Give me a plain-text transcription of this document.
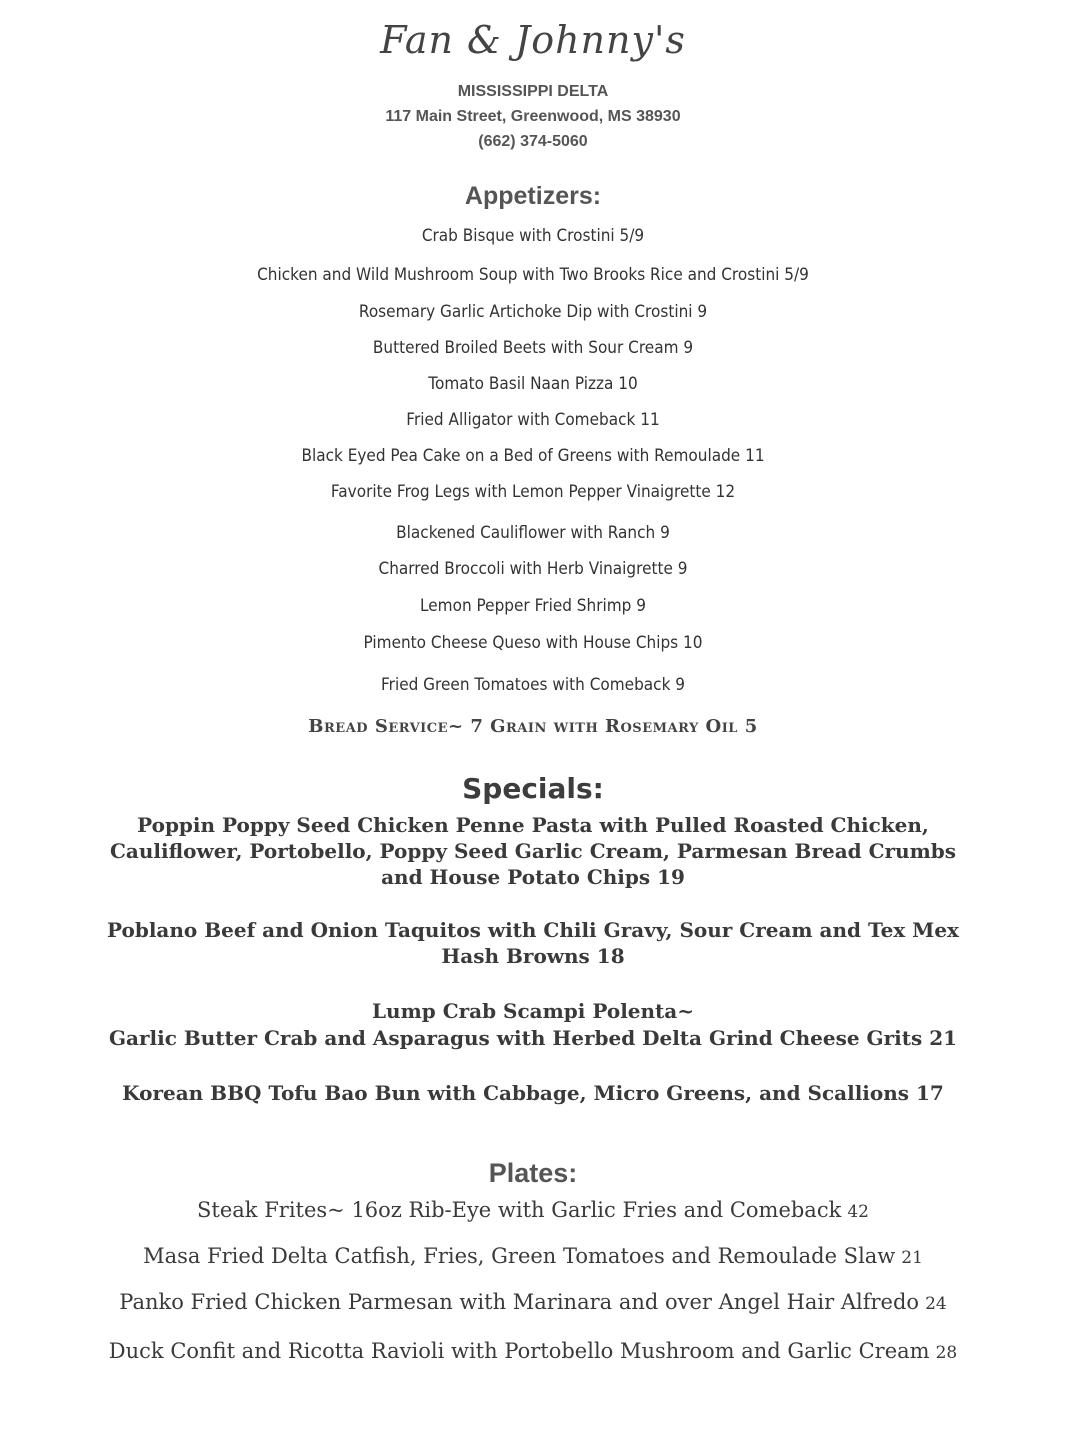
Fan & Johnny's
MISSISSIPPI DELTA
117 Main Street, Greenwood, MS 38930
(662) 374-5060
Appetizers:
Crab Bisque with Crostini 5/9
Chicken and Wild Mushroom Soup with Two Brooks Rice and Crostini 5/9
Rosemary Garlic Artichoke Dip with Crostini 9
Buttered Broiled Beets with Sour Cream 9
Tomato Basil Naan Pizza 10
Fried Alligator with Comeback 11
Black Eyed Pea Cake on a Bed of Greens with Remoulade 11
Favorite Frog Legs with Lemon Pepper Vinaigrette 12
Blackened Cauliflower with Ranch 9
Charred Broccoli with Herb Vinaigrette 9
Lemon Pepper Fried Shrimp 9
Pimento Cheese Queso with House Chips 10
Fried Green Tomatoes with Comeback 9
Bread Service~ 7 Grain with Rosemary Oil 5
Specials:
Poppin Poppy Seed Chicken Penne Pasta with Pulled Roasted Chicken, Cauliflower, Portobello, Poppy Seed Garlic Cream, Parmesan Bread Crumbs and House Potato Chips 19
Poblano Beef and Onion Taquitos with Chili Gravy, Sour Cream and Tex Mex Hash Browns 18
Lump Crab Scampi Polenta~
Garlic Butter Crab and Asparagus with Herbed Delta Grind Cheese Grits 21
Korean BBQ Tofu Bao Bun with Cabbage, Micro Greens, and Scallions 17
Plates:
Steak Frites~ 16oz Rib-Eye with Garlic Fries and Comeback 42
Masa Fried Delta Catfish, Fries, Green Tomatoes and Remoulade Slaw 21
Panko Fried Chicken Parmesan with Marinara and over Angel Hair Alfredo 24
Duck Confit and Ricotta Ravioli with Portobello Mushroom and Garlic Cream 28
